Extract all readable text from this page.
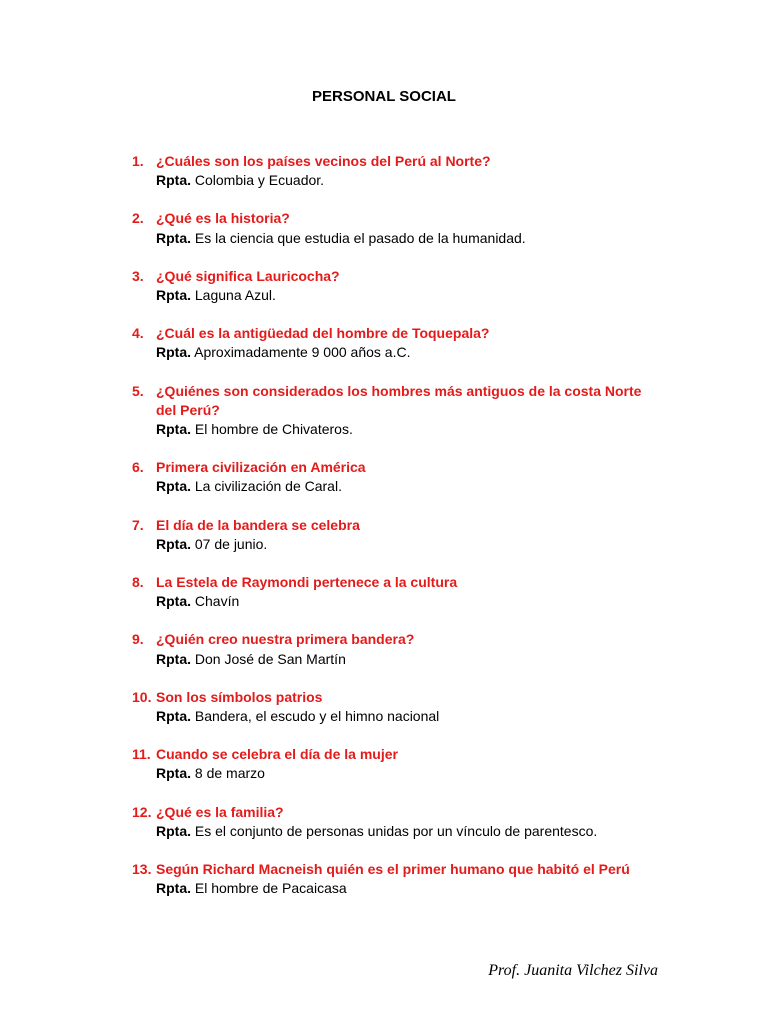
PERSONAL SOCIAL
1. ¿Cuáles son los países vecinos del Perú al Norte?
Rpta. Colombia y Ecuador.
2. ¿Qué es la historia?
Rpta. Es la ciencia que estudia el pasado de la humanidad.
3. ¿Qué significa Lauricocha?
Rpta. Laguna Azul.
4. ¿Cuál es la antigüedad del hombre de Toquepala?
Rpta. Aproximadamente 9 000 años a.C.
5. ¿Quiénes son considerados los hombres más antiguos de la costa Norte del Perú?
Rpta. El hombre de Chivateros.
6. Primera civilización en América
Rpta. La civilización de Caral.
7. El día de la bandera se celebra
Rpta. 07 de junio.
8. La Estela de Raymondi pertenece a la cultura
Rpta. Chavín
9. ¿Quién creo nuestra primera bandera?
Rpta. Don José de San Martín
10. Son los símbolos patrios
Rpta. Bandera, el escudo y el himno nacional
11. Cuando se celebra el día de la mujer
Rpta. 8 de marzo
12. ¿Qué es la familia?
Rpta. Es el conjunto de personas unidas por un vínculo de parentesco.
13. Según Richard Macneish quién es el primer humano que habitó el Perú
Rpta. El hombre de Pacaicasa
Prof. Juanita Vilchez Silva
